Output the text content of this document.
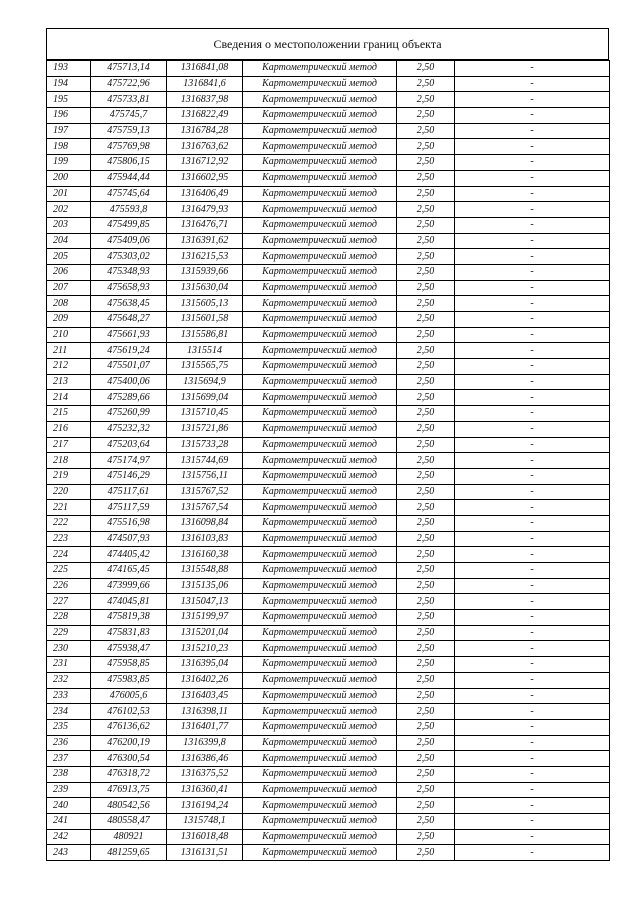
Сведения о местоположении границ объекта
193	475713,14	1316841,08	Картометрический метод	2,50	-
194	475722,96	1316841,6	Картометрический метод	2,50	-
195	475733,81	1316837,98	Картометрический метод	2,50	-
196	475745,7	1316822,49	Картометрический метод	2,50	-
197	475759,13	1316784,28	Картометрический метод	2,50	-
198	475769,98	1316763,62	Картометрический метод	2,50	-
199	475806,15	1316712,92	Картометрический метод	2,50	-
200	475944,44	1316602,95	Картометрический метод	2,50	-
201	475745,64	1316406,49	Картометрический метод	2,50	-
202	475593,8	1316479,93	Картометрический метод	2,50	-
203	475499,85	1316476,71	Картометрический метод	2,50	-
204	475409,06	1316391,62	Картометрический метод	2,50	-
205	475303,02	1316215,53	Картометрический метод	2,50	-
206	475348,93	1315939,66	Картометрический метод	2,50	-
207	475658,93	1315630,04	Картометрический метод	2,50	-
208	475638,45	1315605,13	Картометрический метод	2,50	-
209	475648,27	1315601,58	Картометрический метод	2,50	-
210	475661,93	1315586,81	Картометрический метод	2,50	-
211	475619,24	1315514	Картометрический метод	2,50	-
212	475501,07	1315565,75	Картометрический метод	2,50	-
213	475400,06	1315694,9	Картометрический метод	2,50	-
214	475289,66	1315699,04	Картометрический метод	2,50	-
215	475260,99	1315710,45	Картометрический метод	2,50	-
216	475232,32	1315721,86	Картометрический метод	2,50	-
217	475203,64	1315733,28	Картометрический метод	2,50	-
218	475174,97	1315744,69	Картометрический метод	2,50	-
219	475146,29	1315756,11	Картометрический метод	2,50	-
220	475117,61	1315767,52	Картометрический метод	2,50	-
221	475117,59	1315767,54	Картометрический метод	2,50	-
222	475516,98	1316098,84	Картометрический метод	2,50	-
223	474507,93	1316103,83	Картометрический метод	2,50	-
224	474405,42	1316160,38	Картометрический метод	2,50	-
225	474165,45	1315548,88	Картометрический метод	2,50	-
226	473999,66	1315135,06	Картометрический метод	2,50	-
227	474045,81	1315047,13	Картометрический метод	2,50	-
228	475819,38	1315199,97	Картометрический метод	2,50	-
229	475831,83	1315201,04	Картометрический метод	2,50	-
230	475938,47	1315210,23	Картометрический метод	2,50	-
231	475958,85	1316395,04	Картометрический метод	2,50	-
232	475983,85	1316402,26	Картометрический метод	2,50	-
233	476005,6	1316403,45	Картометрический метод	2,50	-
234	476102,53	1316398,11	Картометрический метод	2,50	-
235	476136,62	1316401,77	Картометрический метод	2,50	-
236	476200,19	1316399,8	Картометрический метод	2,50	-
237	476300,54	1316386,46	Картометрический метод	2,50	-
238	476318,72	1316375,52	Картометрический метод	2,50	-
239	476913,75	1316360,41	Картометрический метод	2,50	-
240	480542,56	1316194,24	Картометрический метод	2,50	-
241	480558,47	1315748,1	Картометрический метод	2,50	-
242	480921	1316018,48	Картометрический метод	2,50	-
243	481259,65	1316131,51	Картометрический метод	2,50	-
